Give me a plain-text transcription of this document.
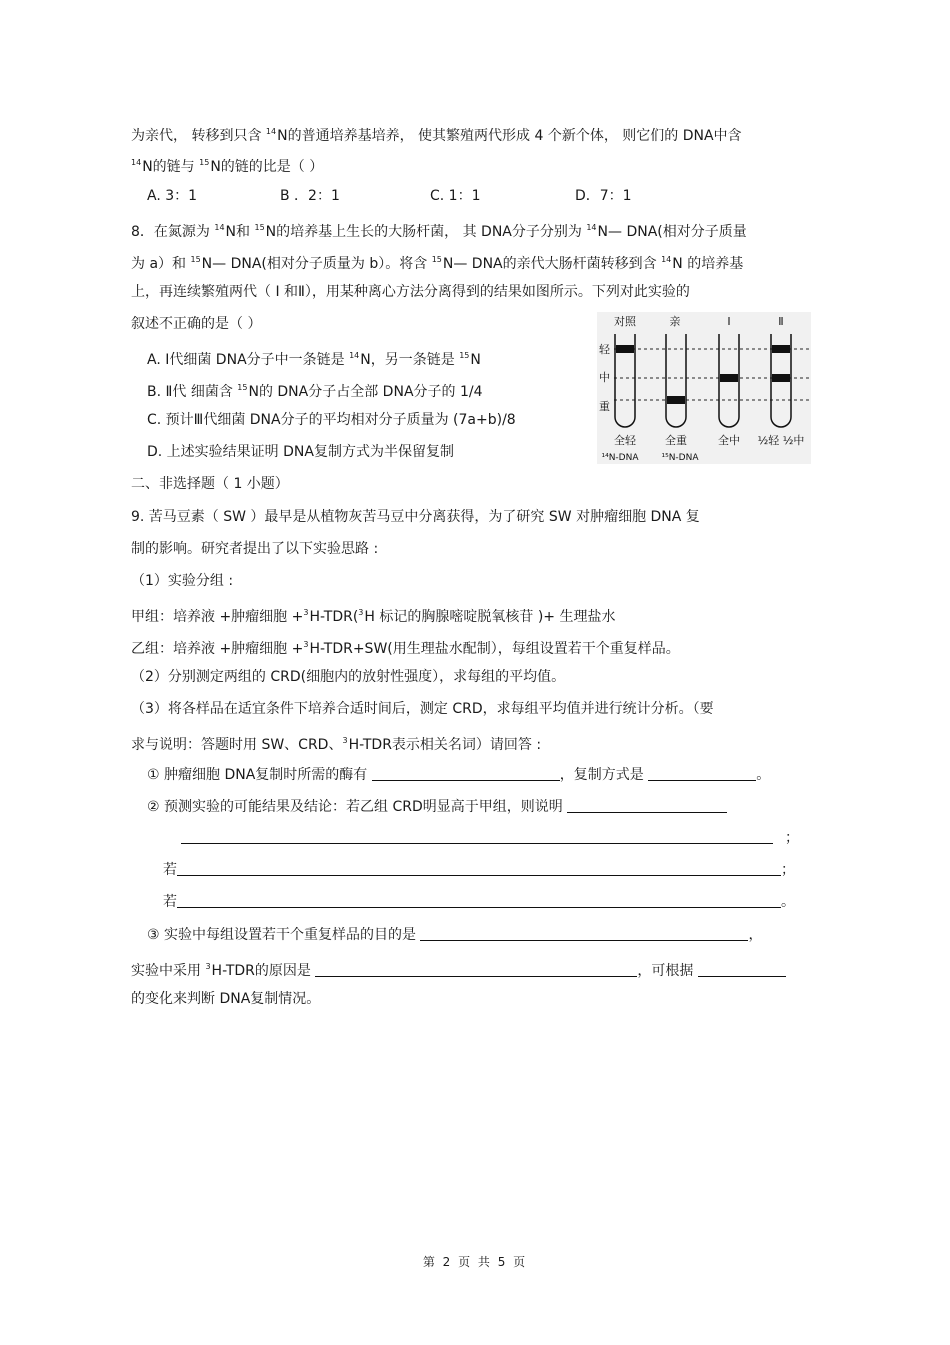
为亲代， 转移到只含 $^{14}$N的普通培养基培养， 使其繁殖两代形成 4 个新个体， 则它们的 DNA中含
$^{14}$N的链与 $^{15}$N的链的比是（ ）
A. 3：1	B ．2：1	C. 1：1	D．7：1
8．在氮源为 $^{14}$N和 $^{15}$N的培养基上生长的大肠杆菌， 其 DNA分子分别为 $^{14}$N— DNA(相对分子质量
为 a）和 $^{15}$N— DNA(相对分子质量为 b）。将含 $^{15}$N— DNA的亲代大肠杆菌转移到含 $^{14}$N 的培养基
上，再连续繁殖两代（ I 和Ⅱ），用某种离心方法分离得到的结果如图所示。下列对此实验的
叙述不正确的是（ ）
A. Ⅰ代细菌 DNA分子中一条链是 $^{14}$N，另一条链是 $^{15}$N
B. Ⅱ代 细菌含 $^{15}$N的 DNA分子占全部 DNA分子的 1/4
C. 预计Ⅲ代细菌 DNA分子的平均相对分子质量为 (7a+b)/8
D. 上述实验结果证明 DNA复制方式为半保留复制
对照	亲	Ⅰ	Ⅱ
轻
中
重
全轻	全重	全中 ½轻 ½中
¹⁴N-DNA	¹⁵N-DNA
二、非选择题（ 1 小题）
9. 苦马豆素（ SW ）最早是从植物灰苦马豆中分离获得，为了研究 SW 对肿瘤细胞 DNA 复
制的影响。研究者提出了以下实验思路 :
（1）实验分组 :
甲组：培养液 +肿瘤细胞 +$^3$H-TDR($^3$H 标记的胸腺嘧啶脱氧核苷 )+ 生理盐水
乙组：培养液 +肿瘤细胞 +$^3$H-TDR+SW(用生理盐水配制），每组设置若干个重复样品。
（2）分别测定两组的 CRD(细胞内的放射性强度），求每组的平均值。
（3）将各样品在适宜条件下培养合适时间后，测定 CRD，求每组平均值并进行统计分析。（要
求与说明：答题时用 SW、CRD、$^3$H-TDR表示相关名词）请回答 :
① 肿瘤细胞 DNA复制时所需的酶有	，复制方式是	。
② 预测实验的可能结果及结论：若乙组 CRD明显高于甲组，则说明
；
若	；
若	。
③ 实验中每组设置若干个重复样品的目的是	，
实验中采用 $^3$H-TDR的原因是	，可根据
的变化来判断 DNA复制情况。
第 2 页 共 5 页
